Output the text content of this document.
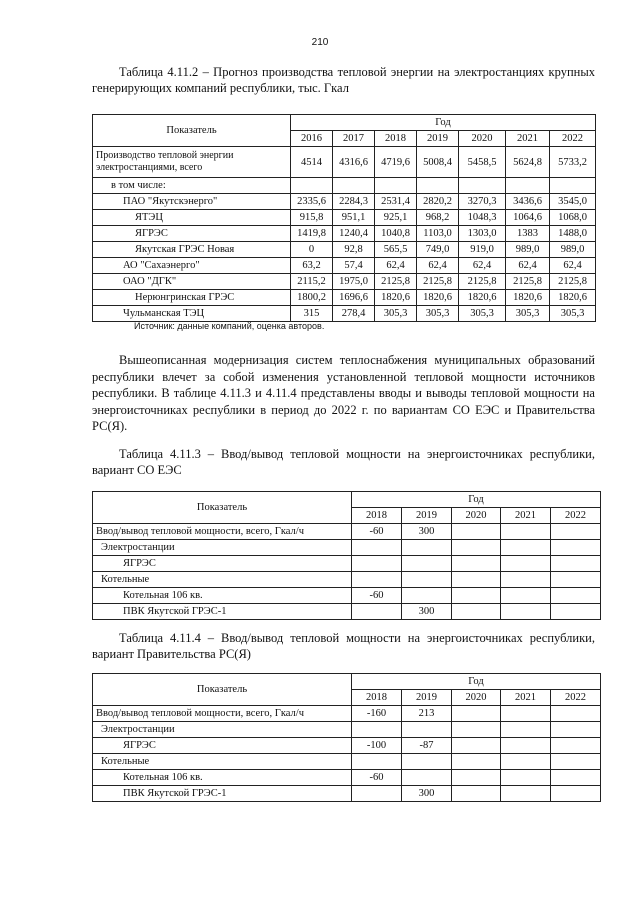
210
Таблица 4.11.2 – Прогноз производства тепловой энергии на электростанциях крупных генерирующих компаний республики, тыс. Гкал
Показатель	Год						
	2016	2017	2018	2019	2020	2021	2022
Производство тепловой энергии электростанциями, всего	4514	4316,6	4719,6	5008,4	5458,5	5624,8	5733,2
в том числе:							
ПАО "Якутскэнерго"	2335,6	2284,3	2531,4	2820,2	3270,3	3436,6	3545,0
ЯТЭЦ	915,8	951,1	925,1	968,2	1048,3	1064,6	1068,0
ЯГРЭС	1419,8	1240,4	1040,8	1103,0	1303,0	1383	1488,0
Якутская ГРЭС Новая	0	92,8	565,5	749,0	919,0	989,0	989,0
АО "Сахаэнерго"	63,2	57,4	62,4	62,4	62,4	62,4	62,4
ОАО "ДГК"	2115,2	1975,0	2125,8	2125,8	2125,8	2125,8	2125,8
Нерюнгринская ГРЭС	1800,2	1696,6	1820,6	1820,6	1820,6	1820,6	1820,6
Чульманская ТЭЦ	315	278,4	305,3	305,3	305,3	305,3	305,3
Источник: данные компаний, оценка авторов.
Вышеописанная модернизация систем теплоснабжения муниципальных образований республики влечет за собой изменения установленной тепловой мощности источников республики. В таблице 4.11.3 и 4.11.4 представлены вводы и выводы тепловой мощности на энергоисточниках республики в период до 2022 г. по вариантам СО ЕЭС и Правительства РС(Я).
Таблица 4.11.3 – Ввод/вывод тепловой мощности на энергоисточниках республики, вариант СО ЕЭС
Показатель	Год				
	2018	2019	2020	2021	2022
Ввод/вывод тепловой мощности, всего, Гкал/ч	-60	300			
Электростанции					
ЯГРЭС					
Котельные					
Котельная 106 кв.	-60				
ПВК Якутской ГРЭС-1		300			
Таблица 4.11.4 – Ввод/вывод тепловой мощности на энергоисточниках республики, вариант Правительства РС(Я)
Показатель	Год				
	2018	2019	2020	2021	2022
Ввод/вывод тепловой мощности, всего, Гкал/ч	-160	213			
Электростанции					
ЯГРЭС	-100	-87			
Котельные					
Котельная 106 кв.	-60				
ПВК Якутской ГРЭС-1		300			
